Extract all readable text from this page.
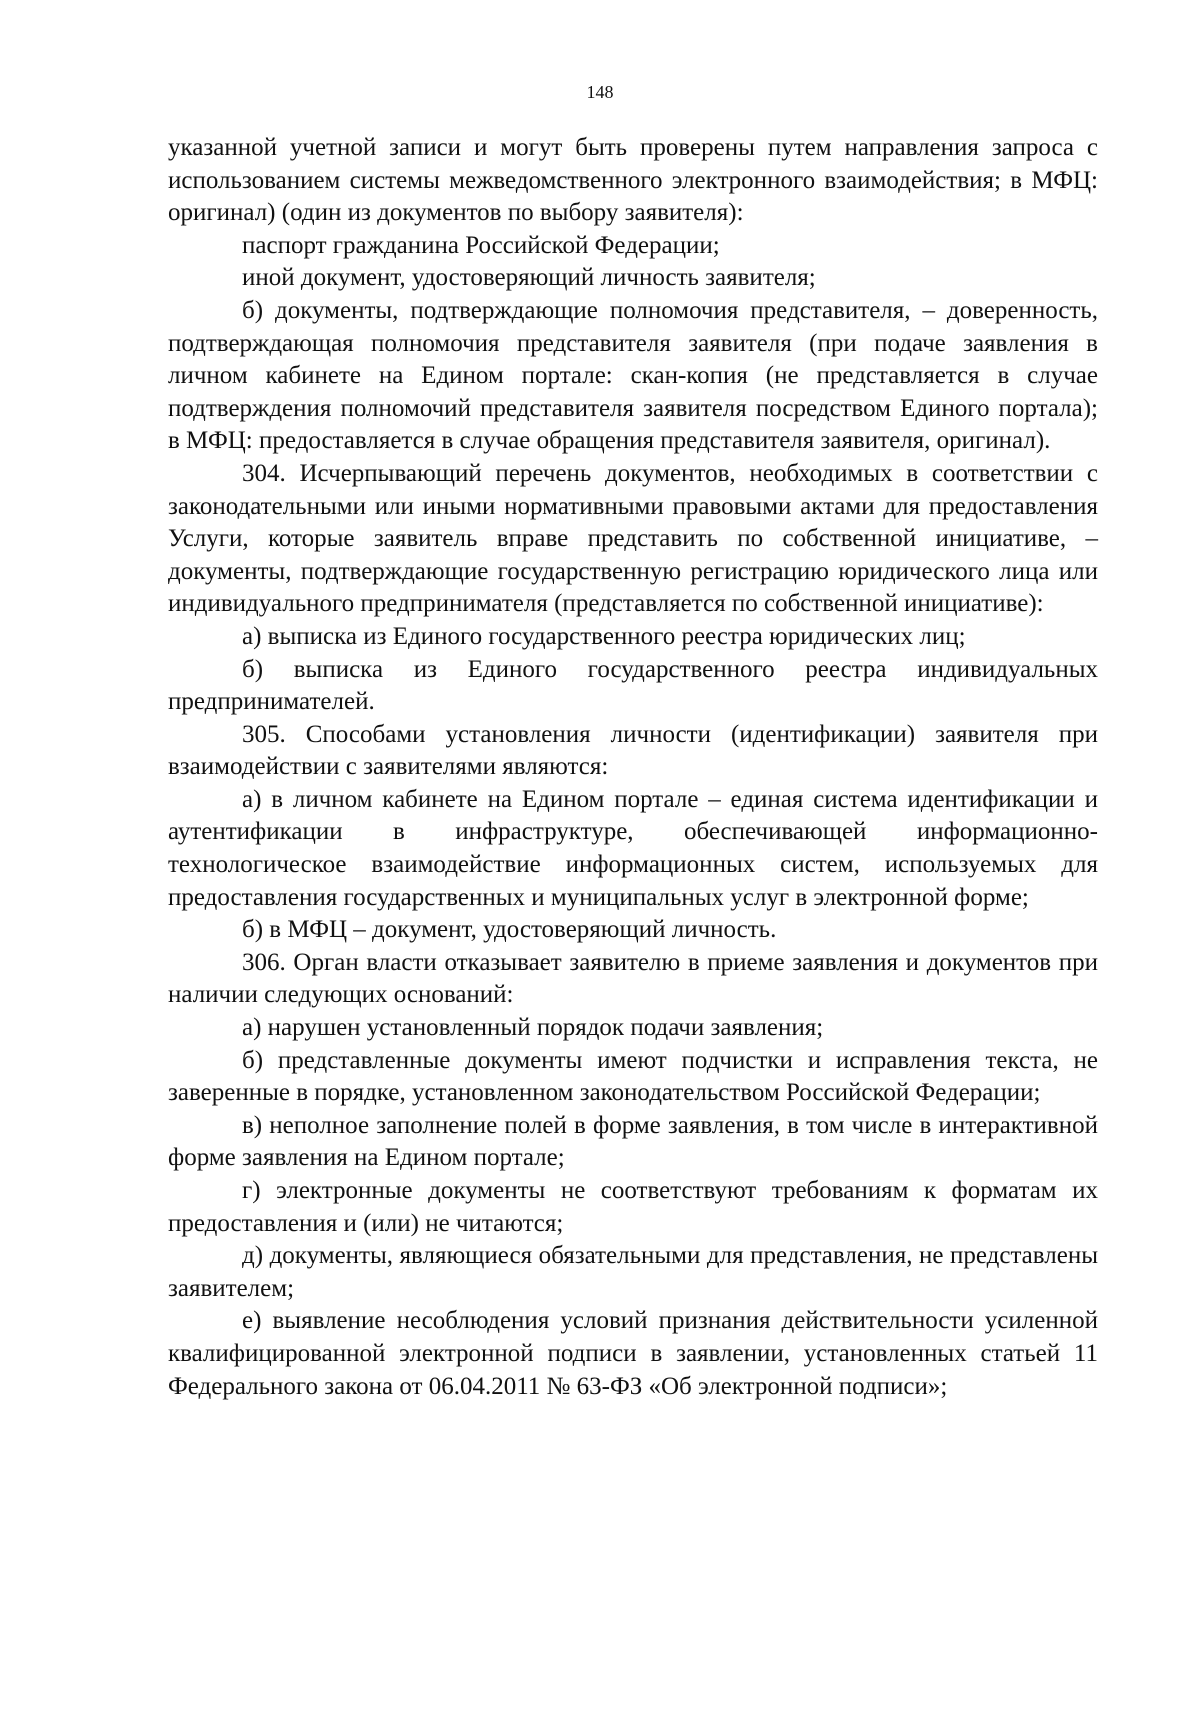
148

указанной учетной записи и могут быть проверены путем направления запроса с использованием системы межведомственного электронного взаимодействия; в МФЦ: оригинал) (один из документов по выбору заявителя):

паспорт гражданина Российской Федерации;

иной документ, удостоверяющий личность заявителя;

б) документы, подтверждающие полномочия представителя, – доверенность, подтверждающая полномочия представителя заявителя (при подаче заявления в личном кабинете на Едином портале: скан-копия (не представляется в случае подтверждения полномочий представителя заявителя посредством Единого портала); в МФЦ: предоставляется в случае обращения представителя заявителя, оригинал).

304. Исчерпывающий перечень документов, необходимых в соответствии с законодательными или иными нормативными правовыми актами для предоставления Услуги, которые заявитель вправе представить по собственной инициативе, – документы, подтверждающие государственную регистрацию юридического лица или индивидуального предпринимателя (представляется по собственной инициативе):

а) выписка из Единого государственного реестра юридических лиц;

б) выписка из Единого государственного реестра индивидуальных предпринимателей.

305. Способами установления личности (идентификации) заявителя при взаимодействии с заявителями являются:

а) в личном кабинете на Едином портале – единая система идентификации и аутентификации в инфраструктуре, обеспечивающей информационно-технологическое взаимодействие информационных систем, используемых для предоставления государственных и муниципальных услуг в электронной форме;

б) в МФЦ – документ, удостоверяющий личность.

306. Орган власти отказывает заявителю в приеме заявления и документов при наличии следующих оснований:

а) нарушен установленный порядок подачи заявления;

б) представленные документы имеют подчистки и исправления текста, не заверенные в порядке, установленном законодательством Российской Федерации;

в) неполное заполнение полей в форме заявления, в том числе в интерактивной форме заявления на Едином портале;

г) электронные документы не соответствуют требованиям к форматам их предоставления и (или) не читаются;

д) документы, являющиеся обязательными для представления, не представлены заявителем;

е) выявление несоблюдения условий признания действительности усиленной квалифицированной электронной подписи в заявлении, установленных статьей 11 Федерального закона от 06.04.2011 № 63-ФЗ «Об электронной подписи»;
